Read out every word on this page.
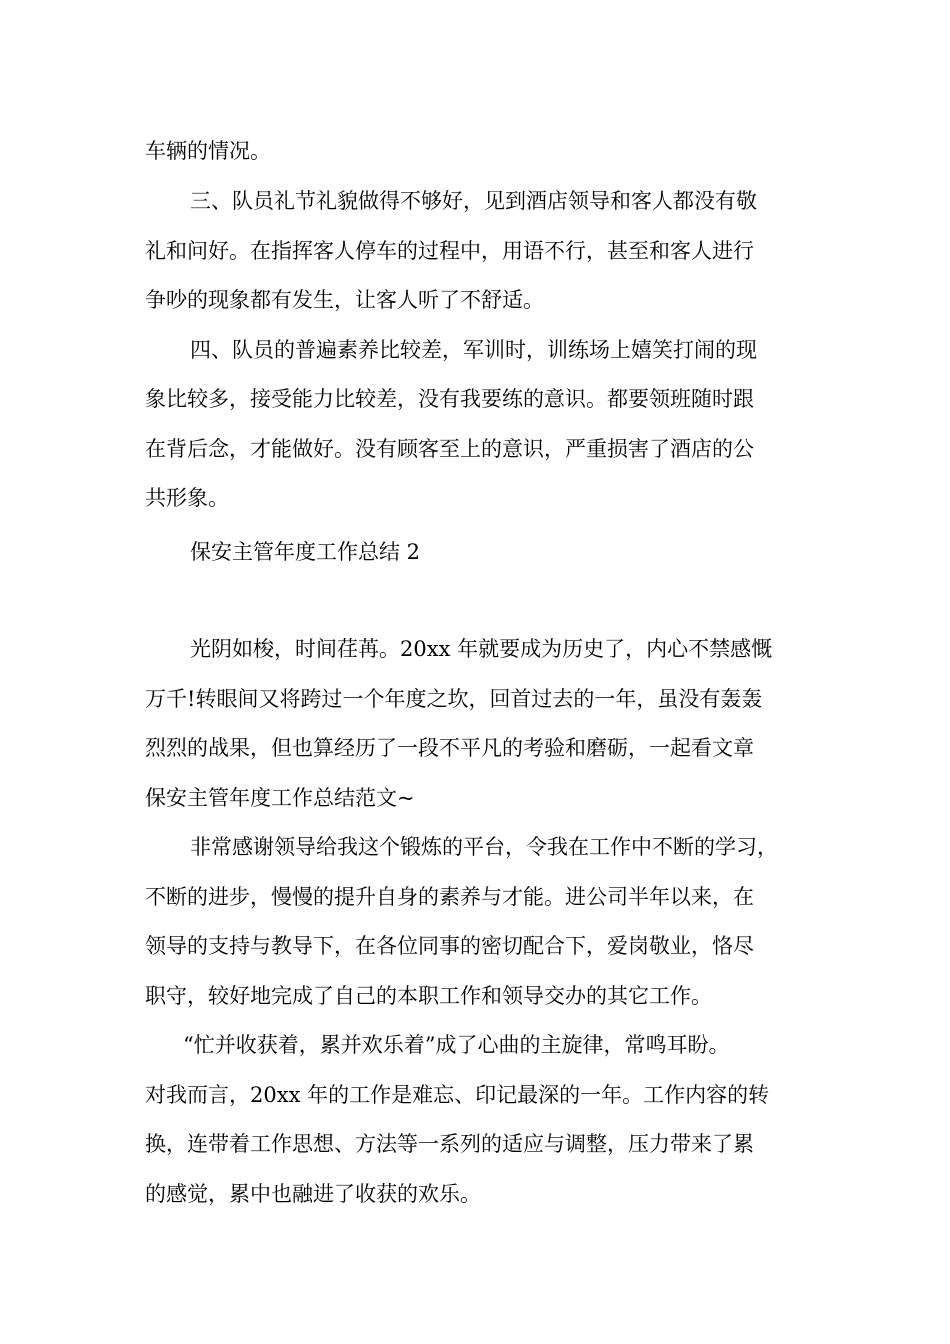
车辆的情况。
三、队员礼节礼貌做得不够好，见到酒店领导和客人都没有敬
礼和问好。在指挥客人停车的过程中，用语不行，甚至和客人进行
争吵的现象都有发生，让客人听了不舒适。
四、队员的普遍素养比较差，军训时，训练场上嬉笑打闹的现
象比较多，接受能力比较差，没有我要练的意识。都要领班随时跟
在背后念，才能做好。没有顾客至上的意识，严重损害了酒店的公
共形象。
保安主管年度工作总结 2
光阴如梭，时间荏苒。20xx 年就要成为历史了，内心不禁感慨
万千!转眼间又将跨过一个年度之坎，回首过去的一年，虽没有轰轰
烈烈的战果，但也算经历了一段不平凡的考验和磨砺，一起看文章
保安主管年度工作总结范文~
非常感谢领导给我这个锻炼的平台，令我在工作中不断的学习，
不断的进步，慢慢的提升自身的素养与才能。进公司半年以来，在
领导的支持与教导下，在各位同事的密切配合下，爱岗敬业，恪尽
职守，较好地完成了自己的本职工作和领导交办的其它工作。
“忙并收获着，累并欢乐着”成了心曲的主旋律，常鸣耳盼。
对我而言，20xx 年的工作是难忘、印记最深的一年。工作内容的转
换，连带着工作思想、方法等一系列的适应与调整，压力带来了累
的感觉，累中也融进了收获的欢乐。
